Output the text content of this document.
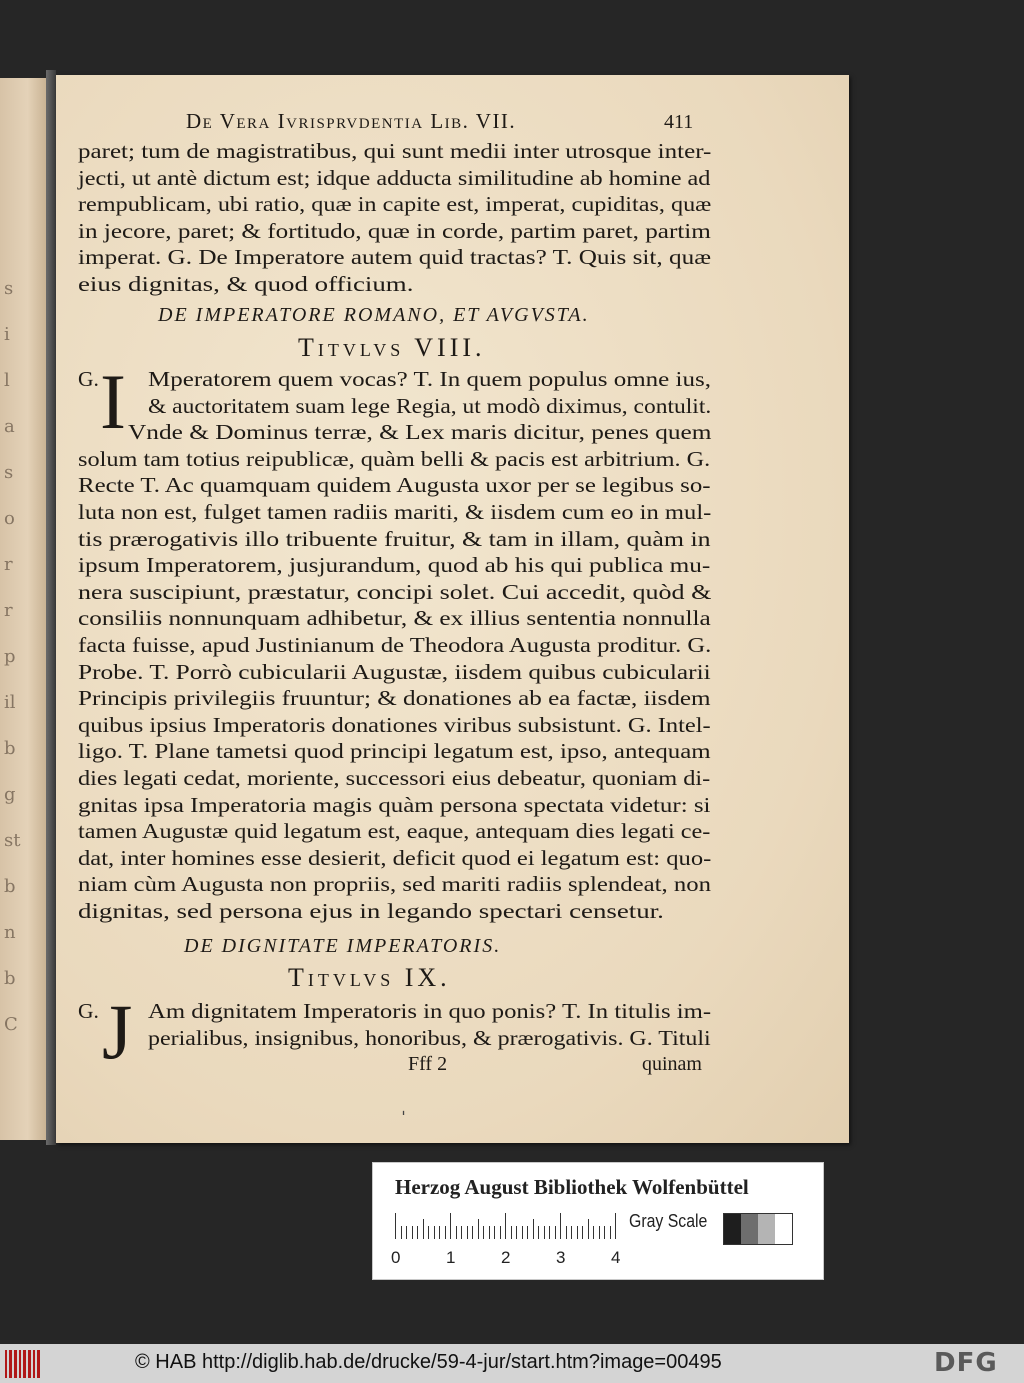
s
i
l
a
s
o
r
r
p
il
b
g
st
b
n
b
C
De Vera Ivrisprvdentia Lib. VII.	411
DE IMPERATORE ROMANO, ET AVGVSTA.
Titvlvs VIII.
G. I
DE DIGNITATE IMPERATORIS.
Titvlvs IX.
G. J	Fff 2	quinam
ˌ
paret; tum de magistratibus, qui sunt medii inter utrosque inter-
jecti, ut antè dictum est; idque adducta similitudine ab homine ad
rempublicam, ubi ratio, quæ in capite est, imperat, cupiditas, quæ
in jecore, paret; & fortitudo, quæ in corde, partim paret, partim
imperat. G. De Imperatore autem quid tractas? T. Quis sit, quæ
eius dignitas, & quod officium.
Mperatorem quem vocas? T. In quem populus omne ius,
& auctoritatem suam lege Regia, ut modò diximus, contulit.
Vnde & Dominus terræ, & Lex maris dicitur, penes quem
solum tam totius reipublicæ, quàm belli & pacis est arbitrium. G.
Recte T. Ac quamquam quidem Augusta uxor per se legibus so-
luta non est, fulget tamen radiis mariti, & iisdem cum eo in mul-
tis prærogativis illo tribuente fruitur, & tam in illam, quàm in
ipsum Imperatorem, jusjurandum, quod ab his qui publica mu-
nera suscipiunt, præstatur, concipi solet. Cui accedit, quòd &
consiliis nonnunquam adhibetur, & ex illius sententia nonnulla
facta fuisse, apud Justinianum de Theodora Augusta proditur. G.
Probe. T. Porrò cubicularii Augustæ, iisdem quibus cubicularii
Principis privilegiis fruuntur; & donationes ab ea factæ, iisdem
quibus ipsius Imperatoris donationes viribus subsistunt. G. Intel-
ligo. T. Plane tametsi quod principi legatum est, ipso, antequam
dies legati cedat, moriente, successori eius debeatur, quoniam di-
gnitas ipsa Imperatoria magis quàm persona spectata videtur: si
tamen Augustæ quid legatum est, eaque, antequam dies legati ce-
dat, inter homines esse desierit, deficit quod ei legatum est: quo-
niam cùm Augusta non propriis, sed mariti radiis splendeat, non
dignitas, sed persona ejus in legando spectari censetur.
Am dignitatem Imperatoris in quo ponis? T. In titulis im-
perialibus, insignibus, honoribus, & prærogativis. G. Tituli
Herzog August Bibliothek Wolfenbüttel
0	1	2	3	4
Gray Scale
© HAB http://diglib.hab.de/drucke/59-4-jur/start.htm?image=00495	DFG
